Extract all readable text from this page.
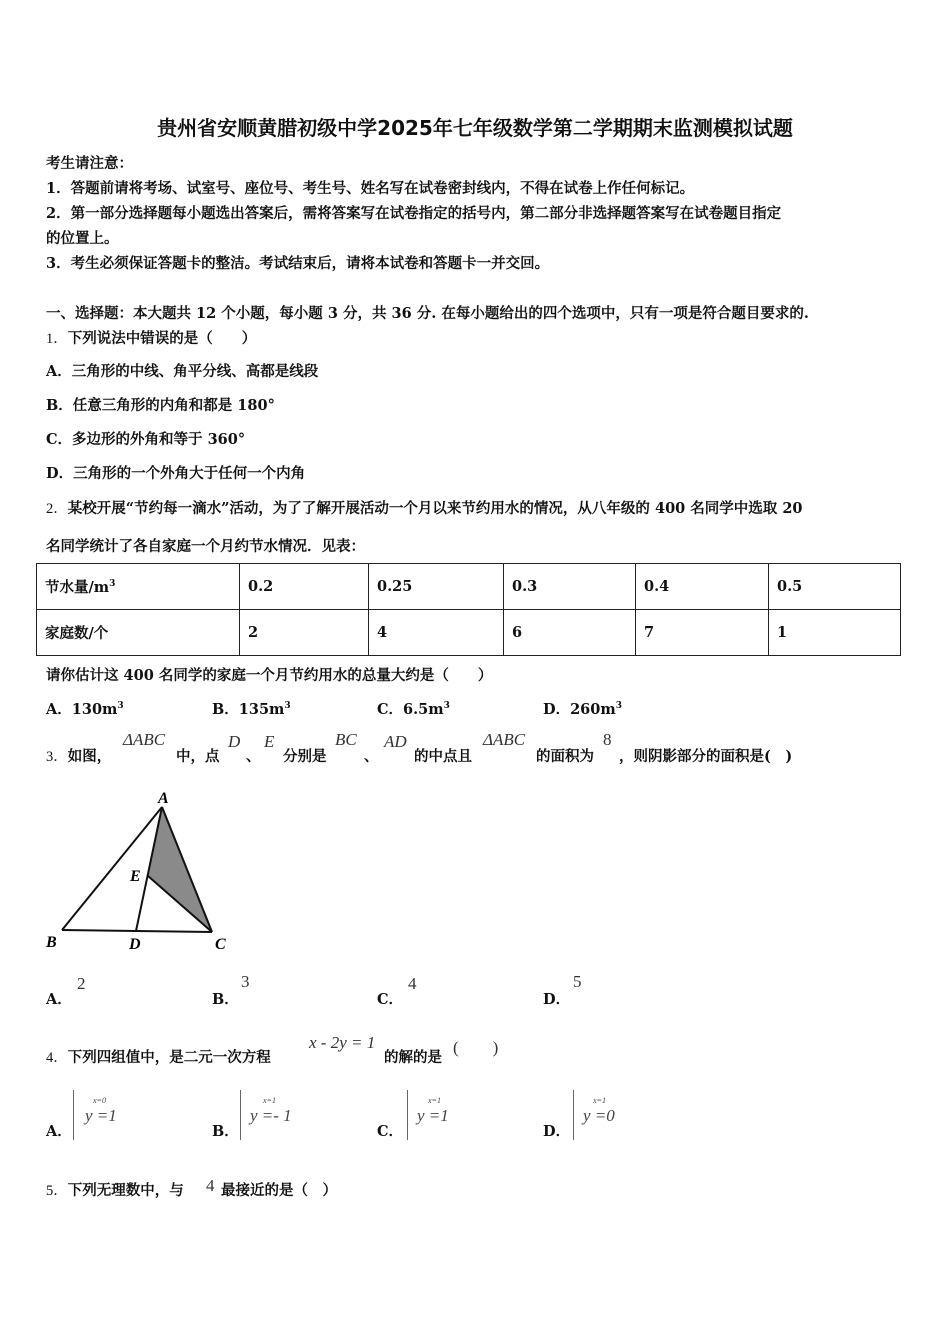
贵州省安顺黄腊初级中学2025年七年级数学第二学期期末监测模拟试题
考生请注意：
1．答题前请将考场、试室号、座位号、考生号、姓名写在试卷密封线内，不得在试卷上作任何标记。
2．第一部分选择题每小题选出答案后，需将答案写在试卷指定的括号内，第二部分非选择题答案写在试卷题目指定
的位置上。
3．考生必须保证答题卡的整洁。考试结束后，请将本试卷和答题卡一并交回。
一、选择题：本大题共 12 个小题，每小题 3 分，共 36 分. 在每小题给出的四个选项中，只有一项是符合题目要求的.
1．下列说法中错误的是（　　）
A．三角形的中线、角平分线、高都是线段
B．任意三角形的内角和都是 180°
C．多边形的外角和等于 360°
D．三角形的一个外角大于任何一个内角
2．某校开展“节约每一滴水”活动，为了了解开展活动一个月以来节约用水的情况，从八年级的 400 名同学中选取 20
名同学统计了各自家庭一个月约节水情况．见表：
节水量$/m^3$	0.2	0.25	0.3	0.4	0.5
家庭数/个	2	4	6	7	1
请你估计这 400 名同学的家庭一个月节约用水的总量大约是（　　）
A．$130m^3$	B．$135m^3$	C．$6.5m^3$	D．$260m^3$
3．如图，
ΔABC
中，点
D
、
E
分别是
BC
、
AD
的中点且
ΔABC
的面积为
8
，则阴影部分的面积是(　)
A
B	D	C
E
A．
2
B．
3
C．
4
D．
5
4．下列四组值中，是二元一次方程
x - 2y = 1
的解的是
(　　)
A．
x=0
y =1
B．
x=1
y =- 1
C．
x=1
y =1
D．
x=1
y =0
5．下列无理数中，与 4 最接近的是（　）
